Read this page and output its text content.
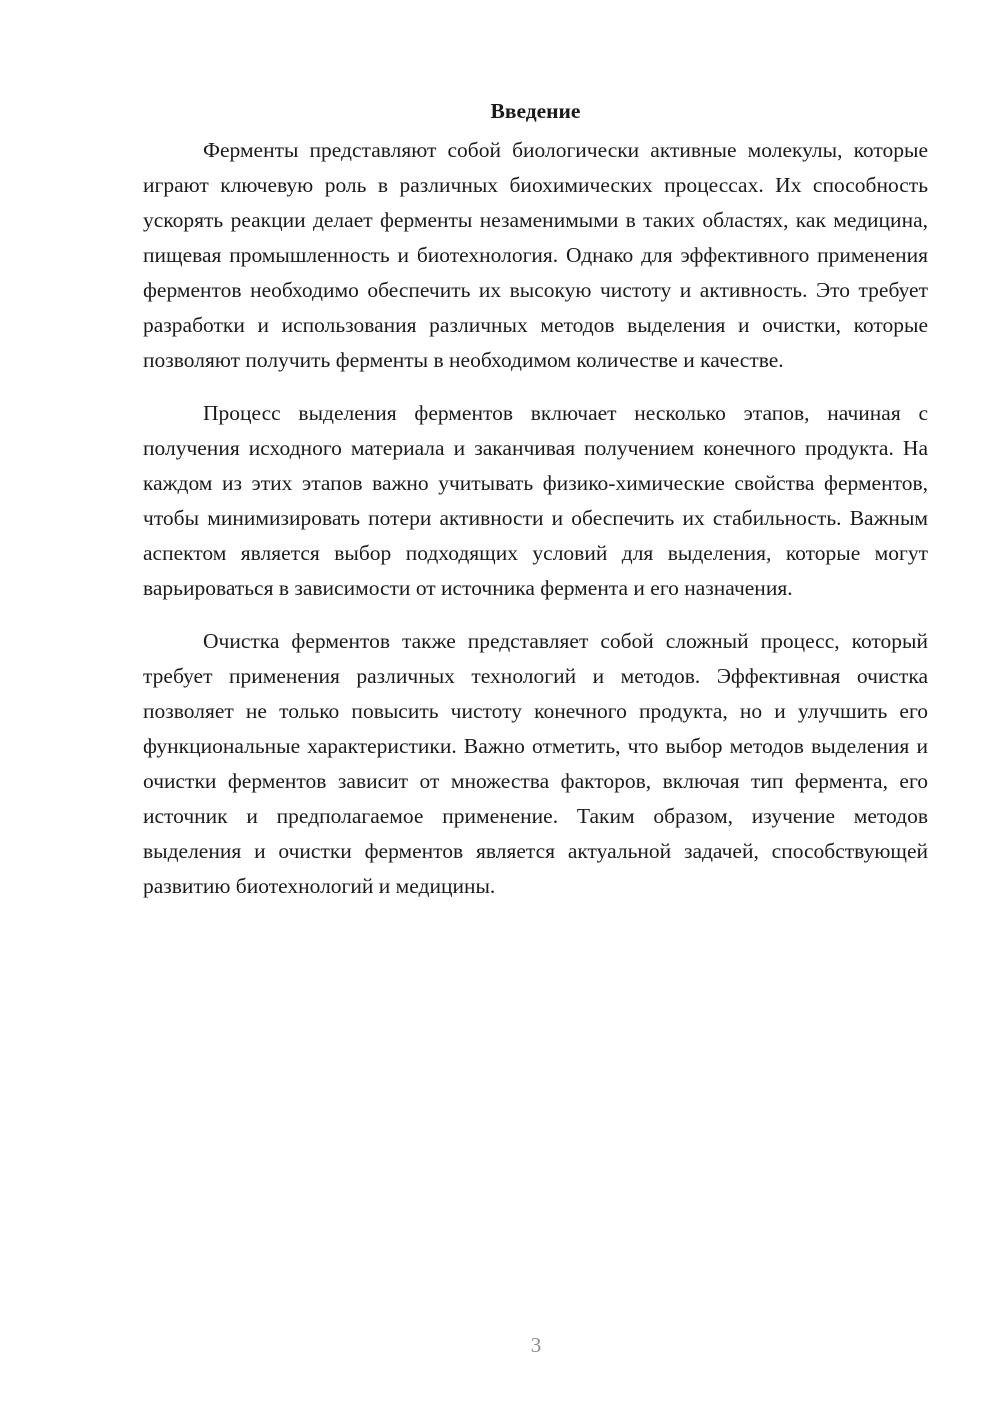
Введение

Ферменты представляют собой биологически активные молекулы, которые играют ключевую роль в различных биохимических процессах. Их способность ускорять реакции делает ферменты незаменимыми в таких областях, как медицина, пищевая промышленность и биотехнология. Однако для эффективного применения ферментов необходимо обеспечить их высокую чистоту и активность. Это требует разработки и использования различных методов выделения и очистки, которые позволяют получить ферменты в необходимом количестве и качестве.

Процесс выделения ферментов включает несколько этапов, начиная с получения исходного материала и заканчивая получением конечного продукта. На каждом из этих этапов важно учитывать физико-химические свойства ферментов, чтобы минимизировать потери активности и обеспечить их стабильность. Важным аспектом является выбор подходящих условий для выделения, которые могут варьироваться в зависимости от источника фермента и его назначения.

Очистка ферментов также представляет собой сложный процесс, который требует применения различных технологий и методов. Эффективная очистка позволяет не только повысить чистоту конечного продукта, но и улучшить его функциональные характеристики. Важно отметить, что выбор методов выделения и очистки ферментов зависит от множества факторов, включая тип фермента, его источник и предполагаемое применение. Таким образом, изучение методов выделения и очистки ферментов является актуальной задачей, способствующей развитию биотехнологий и медицины.

3
